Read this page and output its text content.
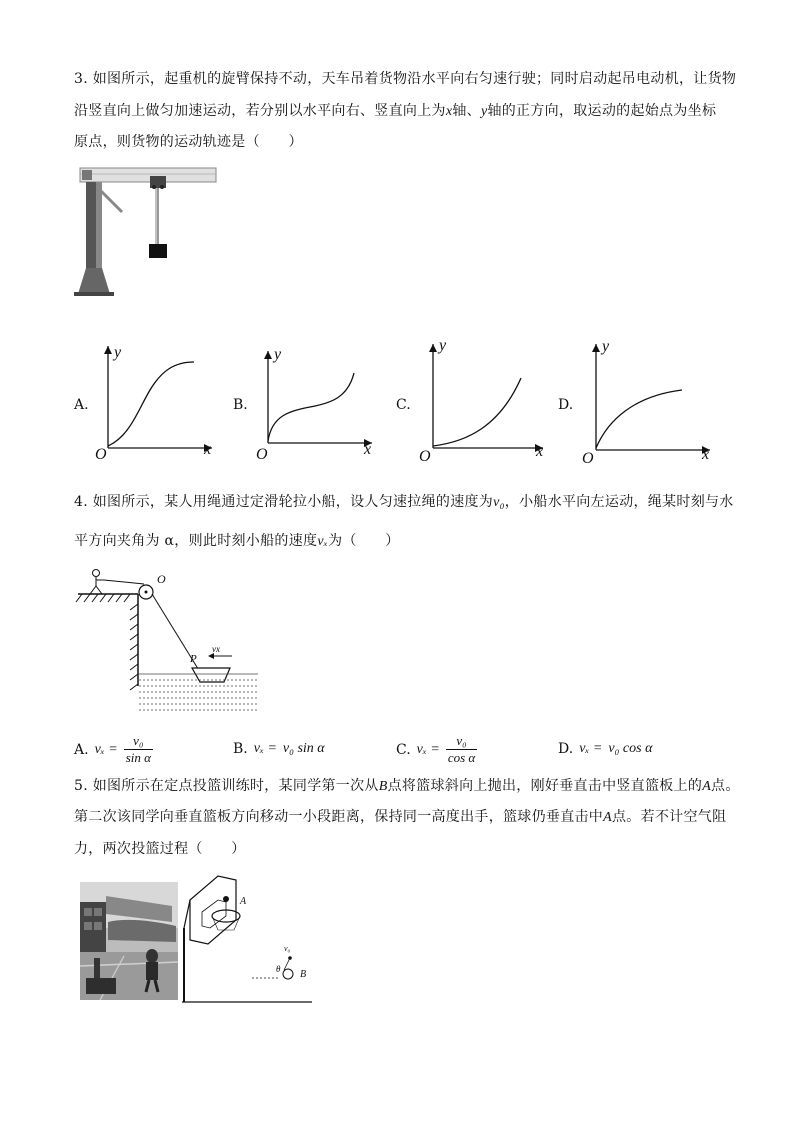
3. 如图所示，起重机的旋臂保持不动，天车吊着货物沿水平向右匀速行驶；同时启动起吊电动机，让货物
沿竖直向上做匀加速运动，若分别以水平向右、竖直向上为x轴、y轴的正方向，取运动的起始点为坐标
原点，则货物的运动轨迹是（　　）
A.
y
x
O
B.
y
x
O
C.
y
x
O
D.
y
x
O
4. 如图所示，某人用绳通过定滑轮拉小船，设人匀速拉绳的速度为v₀，小船水平向左运动，绳某时刻与水
平方向夹角为 α，则此时刻小船的速度vₓ为（　　）
O
P
vx
A. $v_x = \frac{\text{v₀}}{\text{sin α}}$	B. vₓ = v₀ sin α	C. $v_x = \frac{\text{v₀}}{\text{cos α}}$	D. vₓ = v₀ cos α
5. 如图所示在定点投篮训练时，某同学第一次从B点将篮球斜向上抛出，刚好垂直击中竖直篮板上的A点。
第二次该同学向垂直篮板方向移动一小段距离，保持同一高度出手，篮球仍垂直击中A点。若不计空气阻
力，两次投篮过程（　　）
A
B
v₀
θ
